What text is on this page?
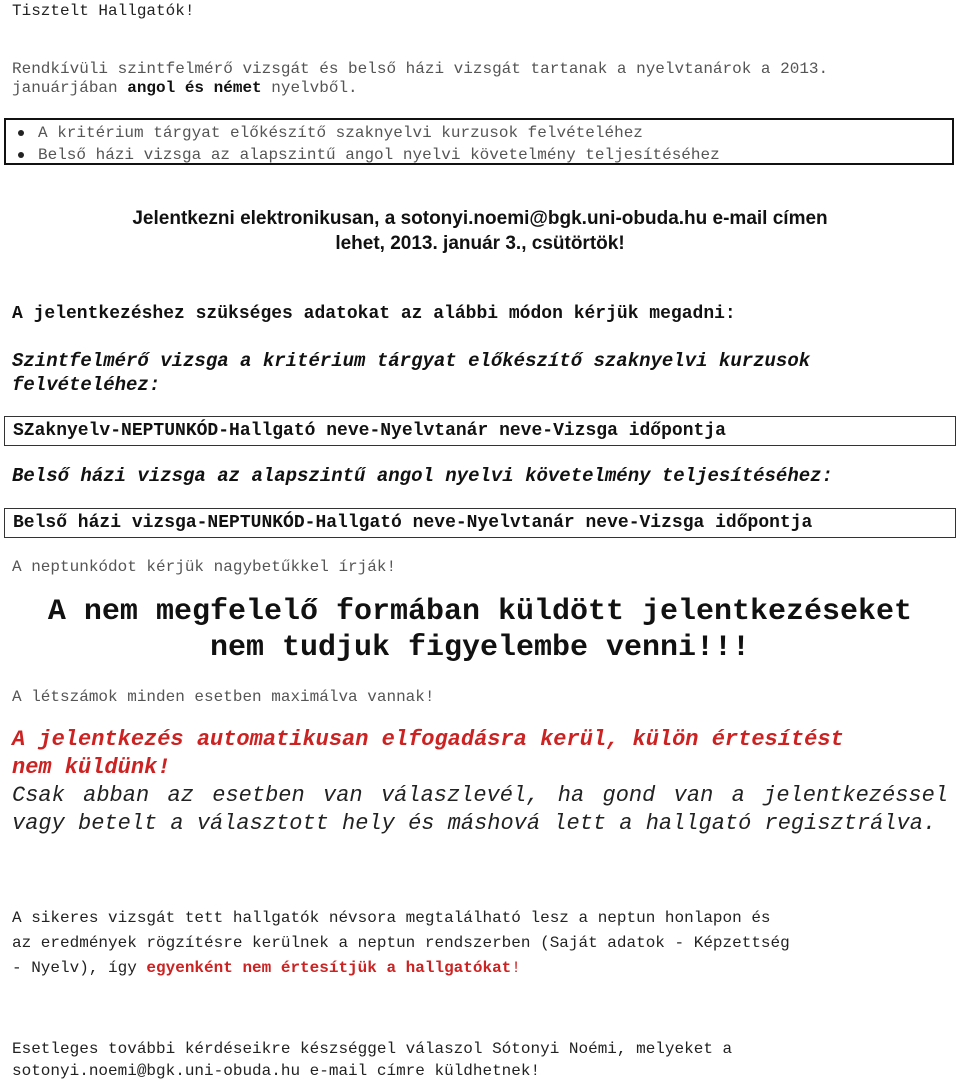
Tisztelt Hallgatók!
Rendkívüli szintfelmérő vizsgát és belső házi vizsgát tartanak a nyelvtanárok a 2013.
januárjában angol és német nyelvből.
A kritérium tárgyat előkészítő szaknyelvi kurzusok felvételéhez
Belső házi vizsga az alapszintű angol nyelvi követelmény teljesítéséhez
Jelentkezni elektronikusan, a sotonyi.noemi@bgk.uni-obuda.hu e-mail címen
lehet, 2013. január 3., csütörtök!
A jelentkezéshez szükséges adatokat az alábbi módon kérjük megadni:
Szintfelmérő vizsga a kritérium tárgyat előkészítő szaknyelvi kurzusok
felvételéhez:
SZaknyelv-NEPTUNKÓD-Hallgató neve-Nyelvtanár neve-Vizsga időpontja
Belső házi vizsga az alapszintű angol nyelvi követelmény teljesítéséhez:
Belső házi vizsga-NEPTUNKÓD-Hallgató neve-Nyelvtanár neve-Vizsga időpontja
A neptunkódot kérjük nagybetűkkel írják!
A nem megfelelő formában küldött jelentkezéseket
nem tudjuk figyelembe venni!!!
A létszámok minden esetben maximálva vannak!
A jelentkezés automatikusan elfogadásra kerül, külön értesítést
nem küldünk!
Csak abban az esetben van válaszlevél, ha gond van a jelentkezéssel vagy betelt a választott hely és máshová lett a hallgató regisztrálva.
A sikeres vizsgát tett hallgatók névsora megtalálható lesz a neptun honlapon és
az eredmények rögzítésre kerülnek a neptun rendszerben (Saját adatok - Képzettség
- Nyelv), így egyenként nem értesítjük a hallgatókat!
Esetleges további kérdéseikre készséggel válaszol Sótonyi Noémi, melyeket a
sotonyi.noemi@bgk.uni-obuda.hu e-mail címre küldhetnek!
